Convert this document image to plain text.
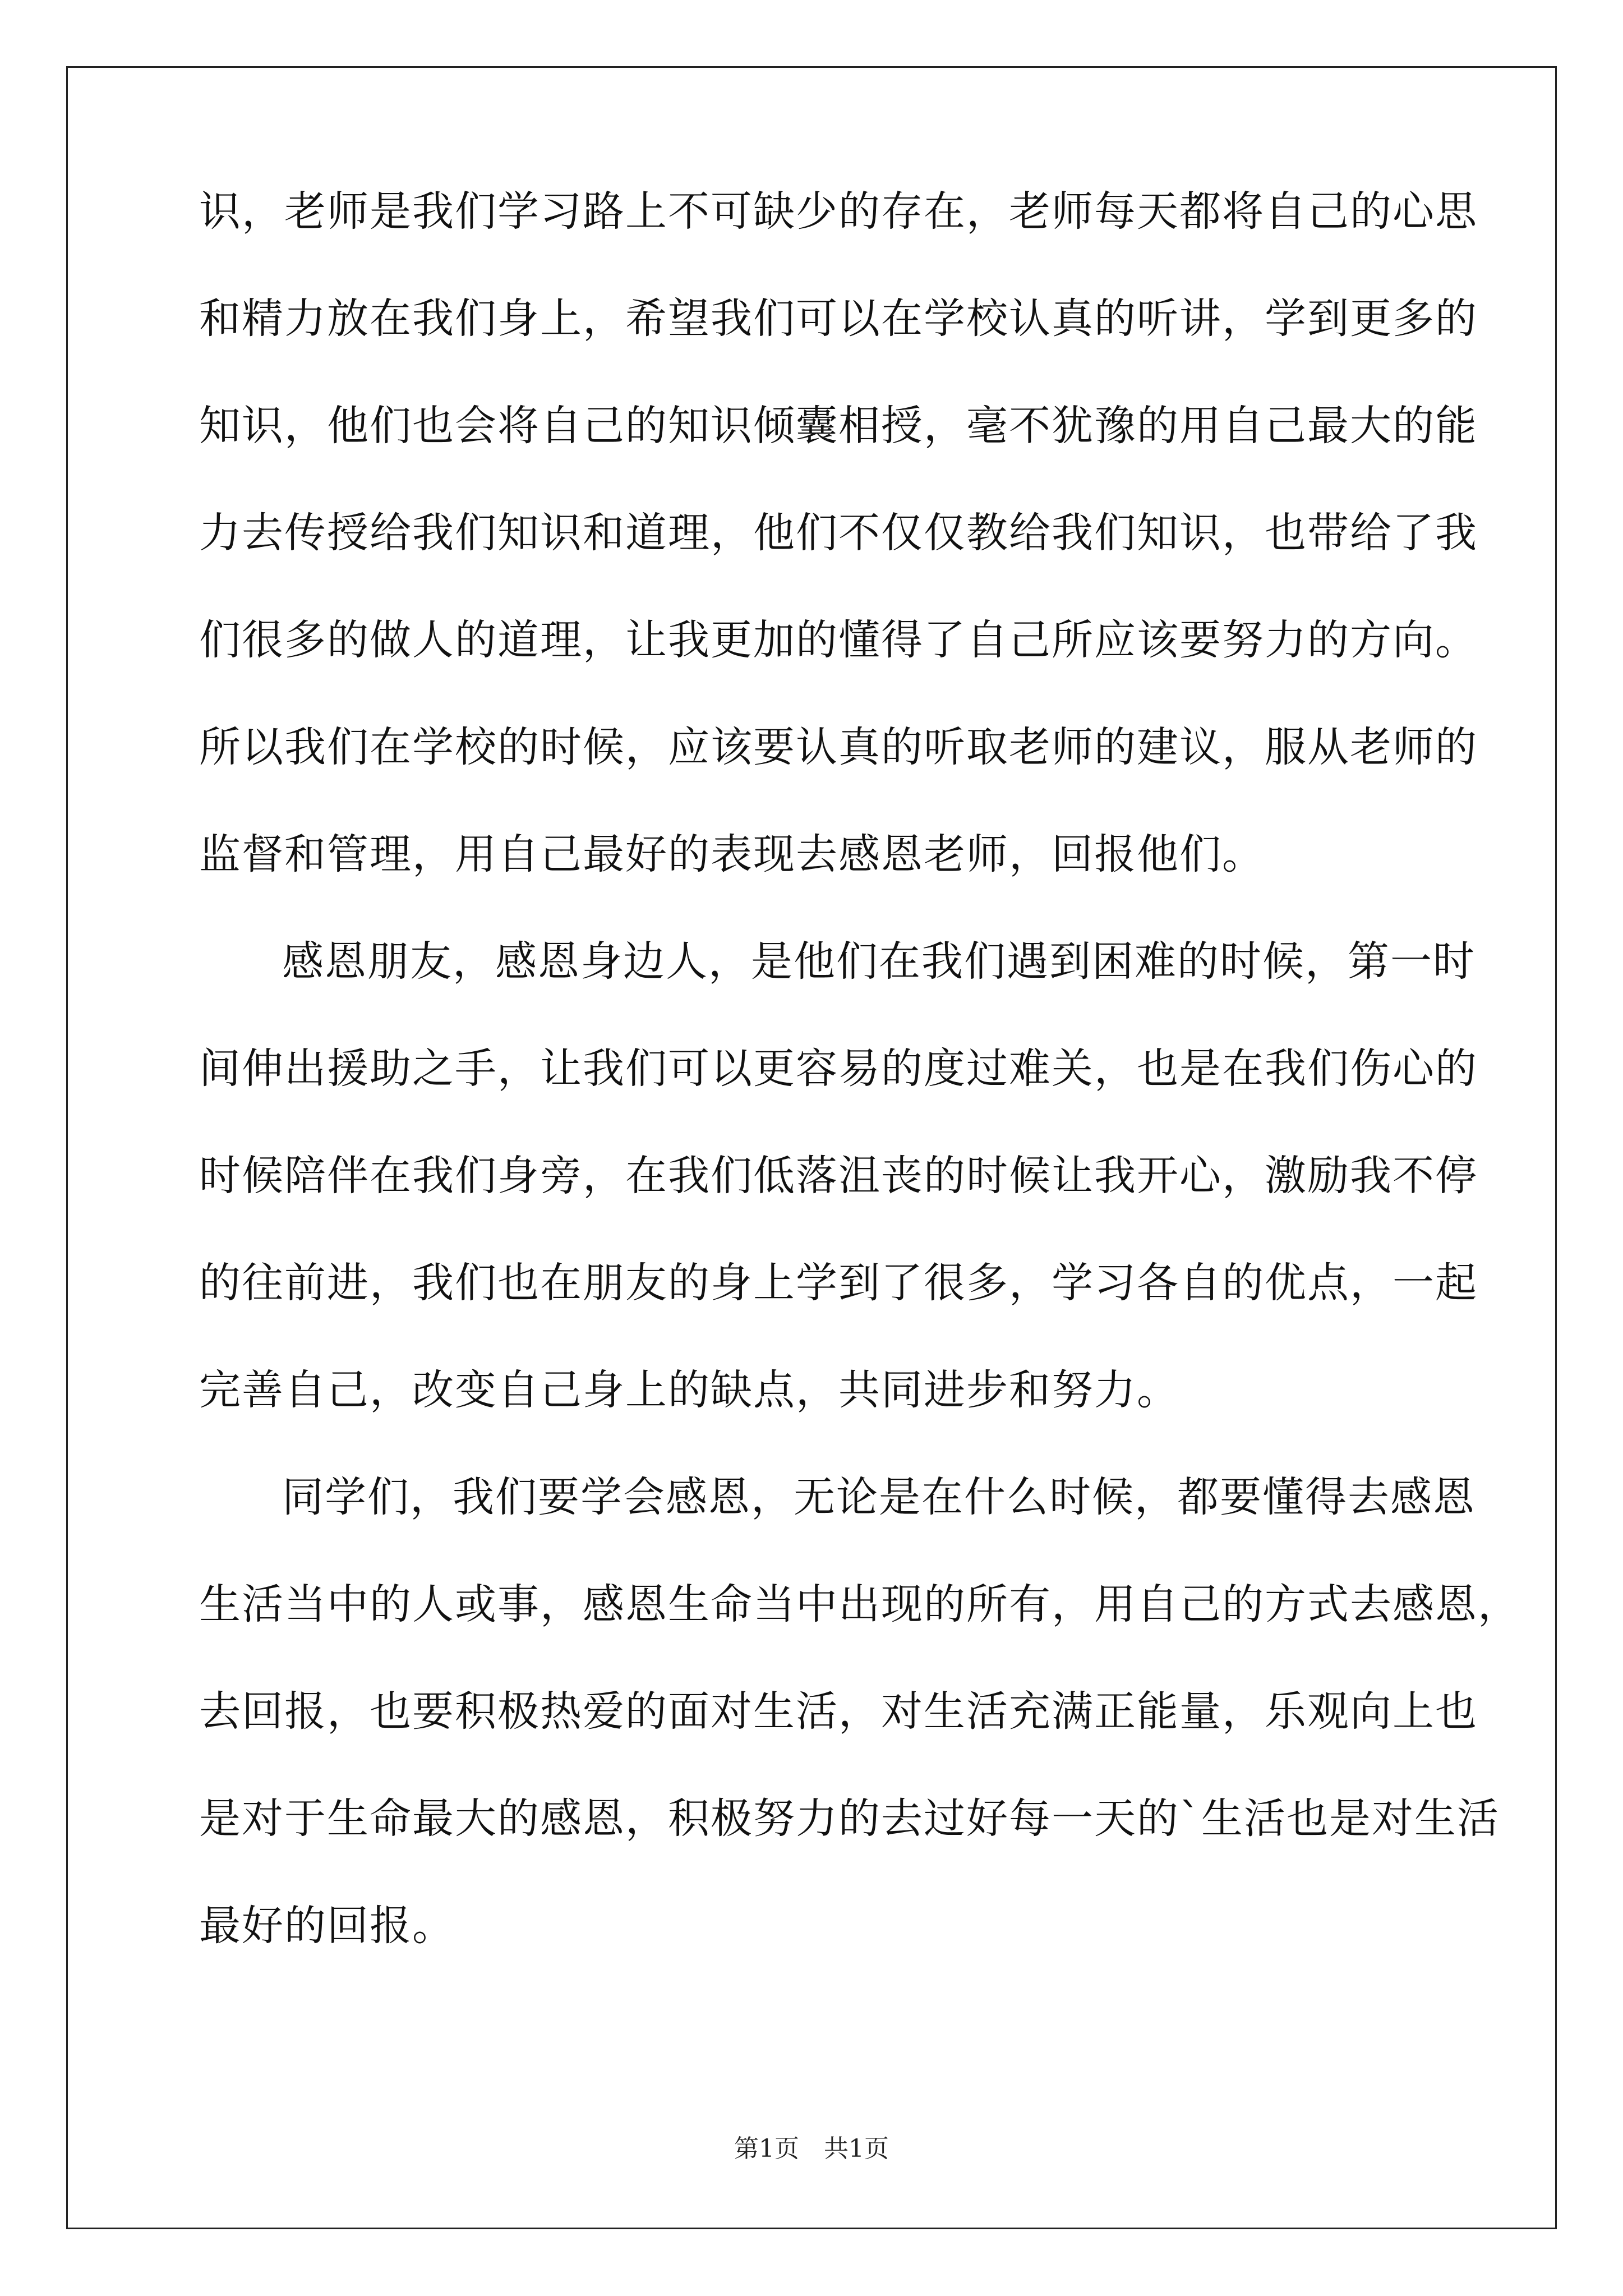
识，老师是我们学习路上不可缺少的存在，老师每天都将自己的心思
和精力放在我们身上，希望我们可以在学校认真的听讲，学到更多的
知识，他们也会将自己的知识倾囊相授，毫不犹豫的用自己最大的能
力去传授给我们知识和道理，他们不仅仅教给我们知识，也带给了我
们很多的做人的道理，让我更加的懂得了自己所应该要努力的方向。
所以我们在学校的时候，应该要认真的听取老师的建议，服从老师的
监督和管理，用自己最好的表现去感恩老师，回报他们。
感恩朋友，感恩身边人，是他们在我们遇到困难的时候，第一时
间伸出援助之手，让我们可以更容易的度过难关，也是在我们伤心的
时候陪伴在我们身旁，在我们低落沮丧的时候让我开心，激励我不停
的往前进，我们也在朋友的身上学到了很多，学习各自的优点，一起
完善自己，改变自己身上的缺点，共同进步和努力。
同学们，我们要学会感恩，无论是在什么时候，都要懂得去感恩
生活当中的人或事，感恩生命当中出现的所有，用自己的方式去感恩，
去回报，也要积极热爱的面对生活，对生活充满正能量，乐观向上也
是对于生命最大的感恩，积极努力的去过好每一天的`生活也是对生活
最好的回报。
第1页 共1页
